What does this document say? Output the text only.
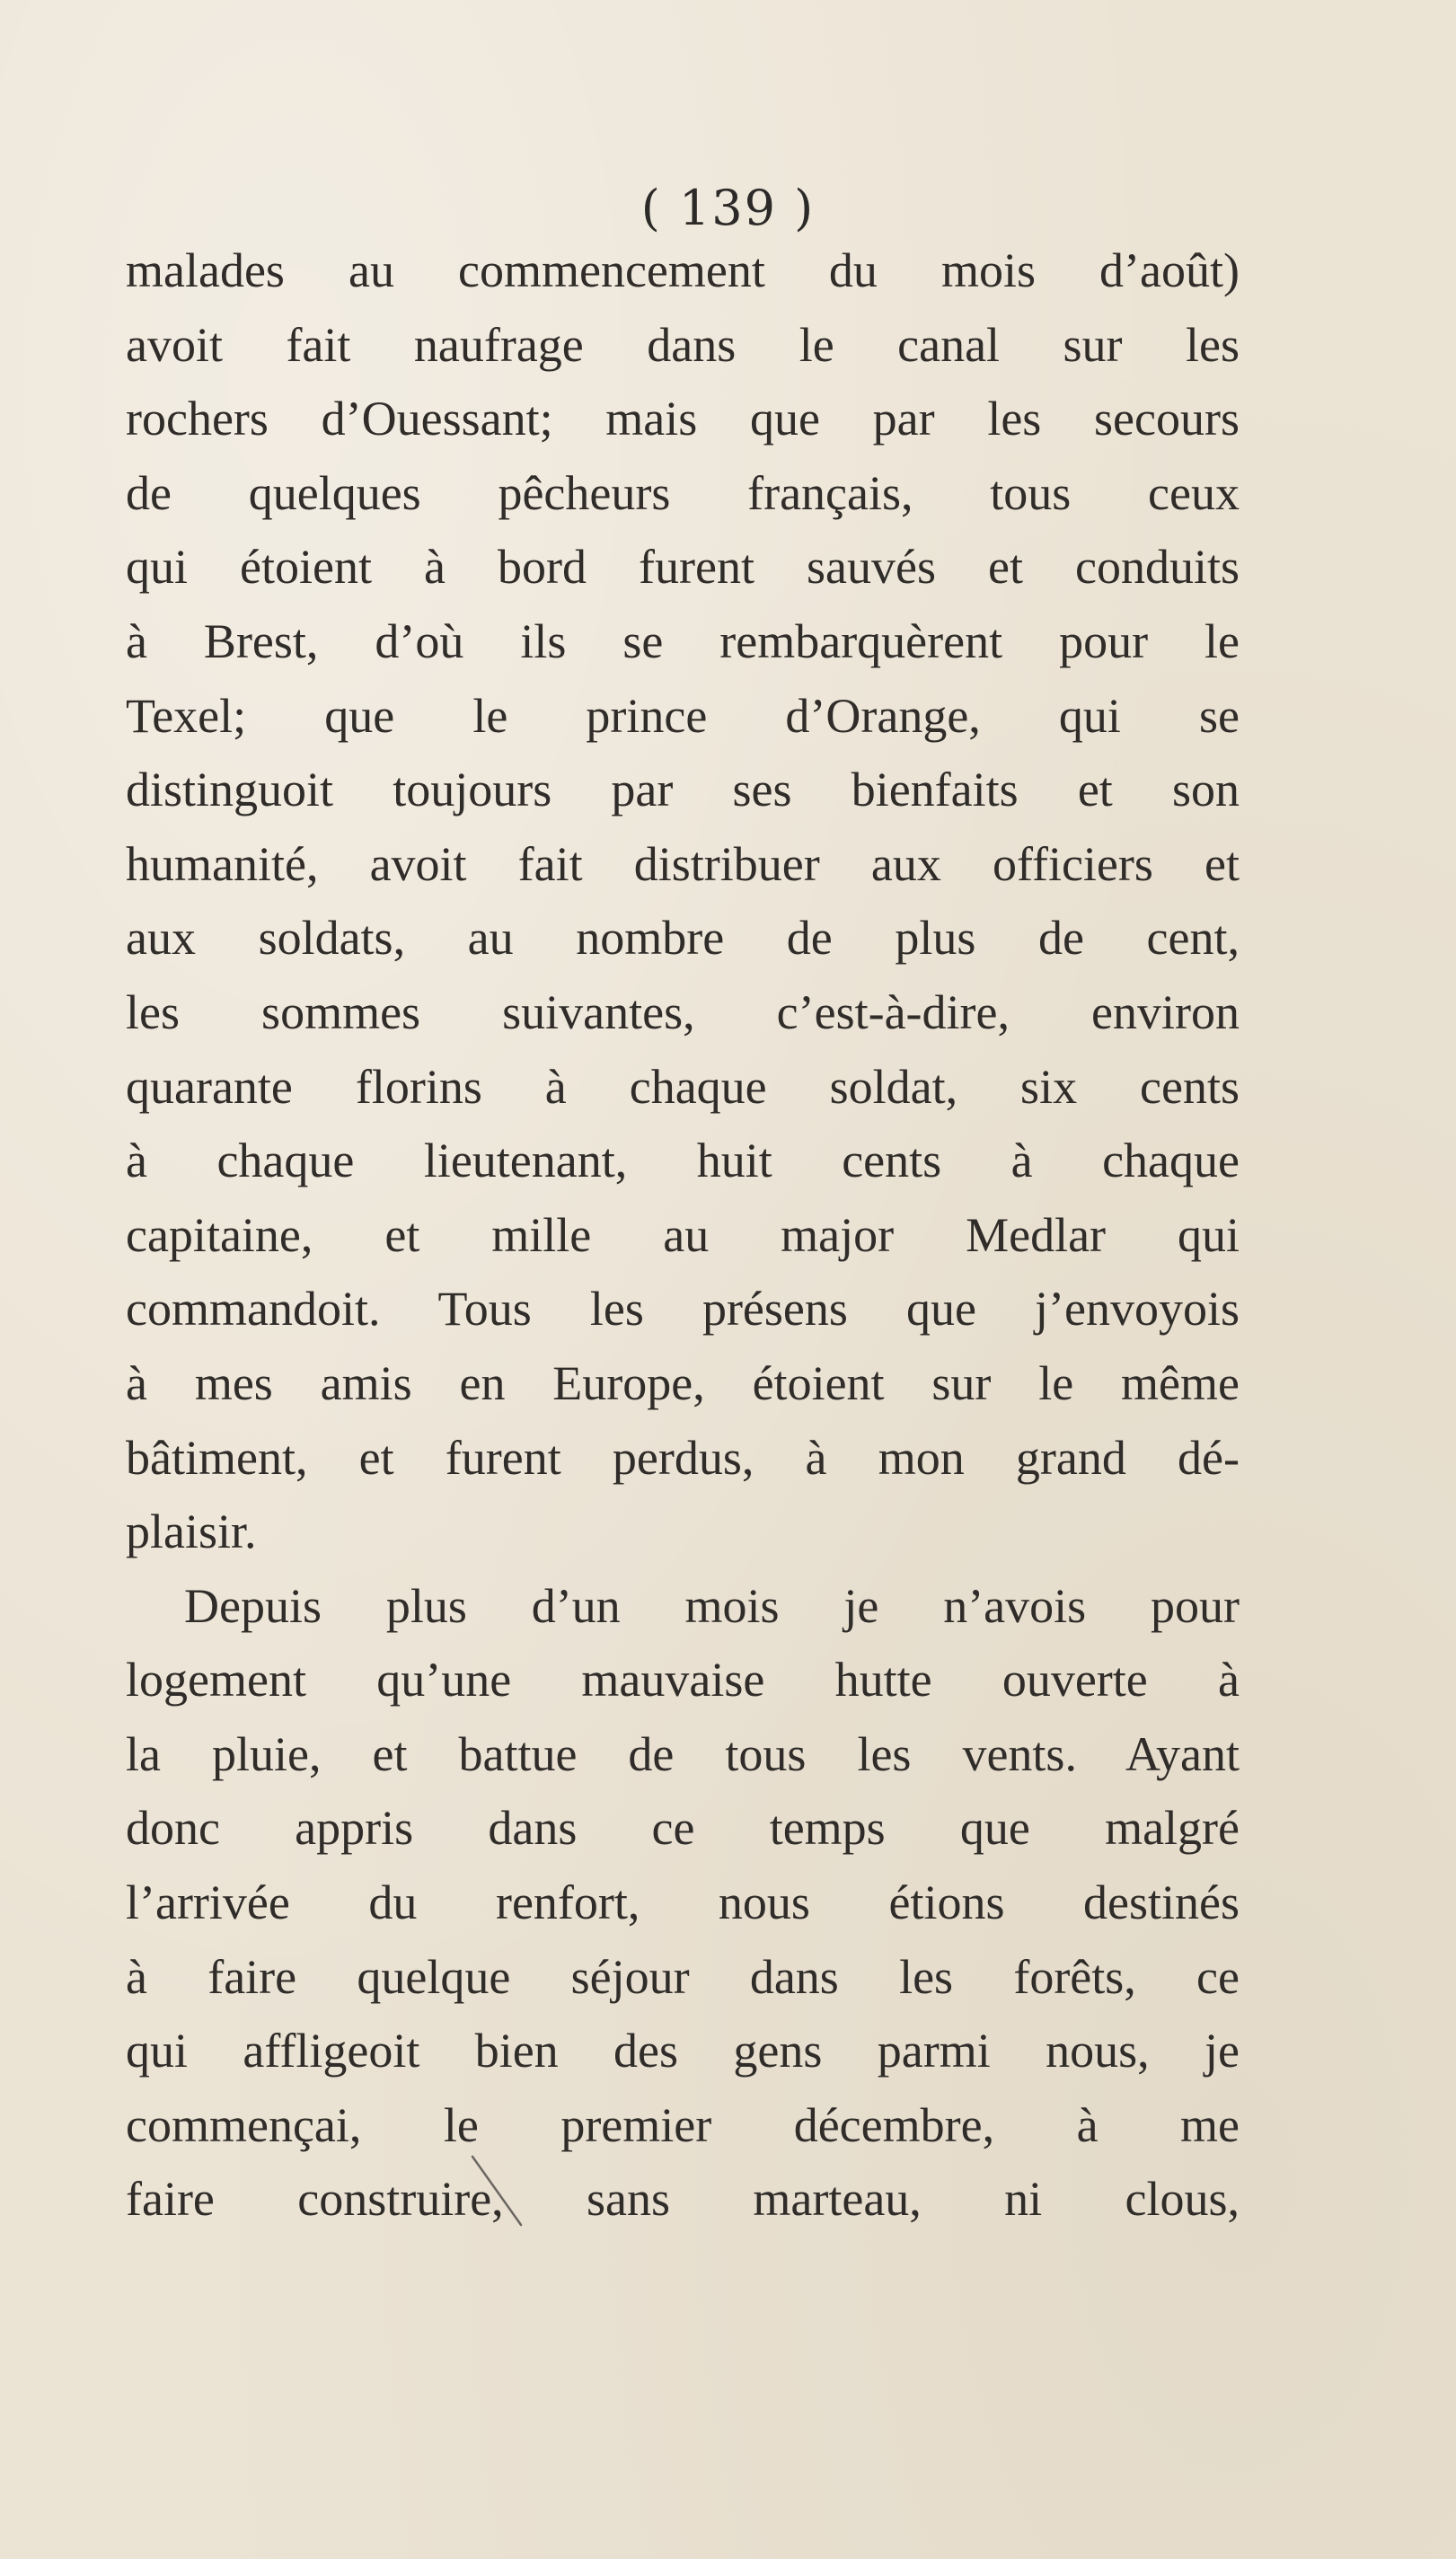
( 139 )
malades au commencement du mois d’août)
avoit fait naufrage dans le canal sur les
rochers d’Ouessant; mais que par les secours
de quelques pêcheurs français, tous ceux
qui étoient à bord furent sauvés et conduits
à Brest, d’où ils se rembarquèrent pour le
Texel; que le prince d’Orange, qui se
distinguoit toujours par ses bienfaits et son
humanité, avoit fait distribuer aux officiers et
aux soldats, au nombre de plus de cent,
les sommes suivantes, c’est-à-dire, environ
quarante florins à chaque soldat, six cents
à chaque lieutenant, huit cents à chaque
capitaine, et mille au major Medlar qui
commandoit. Tous les présens que j’envoyois
à mes amis en Europe, étoient sur le même
bâtiment, et furent perdus, à mon grand dé-
plaisir.
Depuis plus d’un mois je n’avois pour
logement qu’une mauvaise hutte ouverte à
la pluie, et battue de tous les vents. Ayant
donc appris dans ce temps que malgré
l’arrivée du renfort, nous étions destinés
à faire quelque séjour dans les forêts, ce
qui affligeoit bien des gens parmi nous, je
commençai, le premier décembre, à me
faire construire, sans marteau, ni clous,
